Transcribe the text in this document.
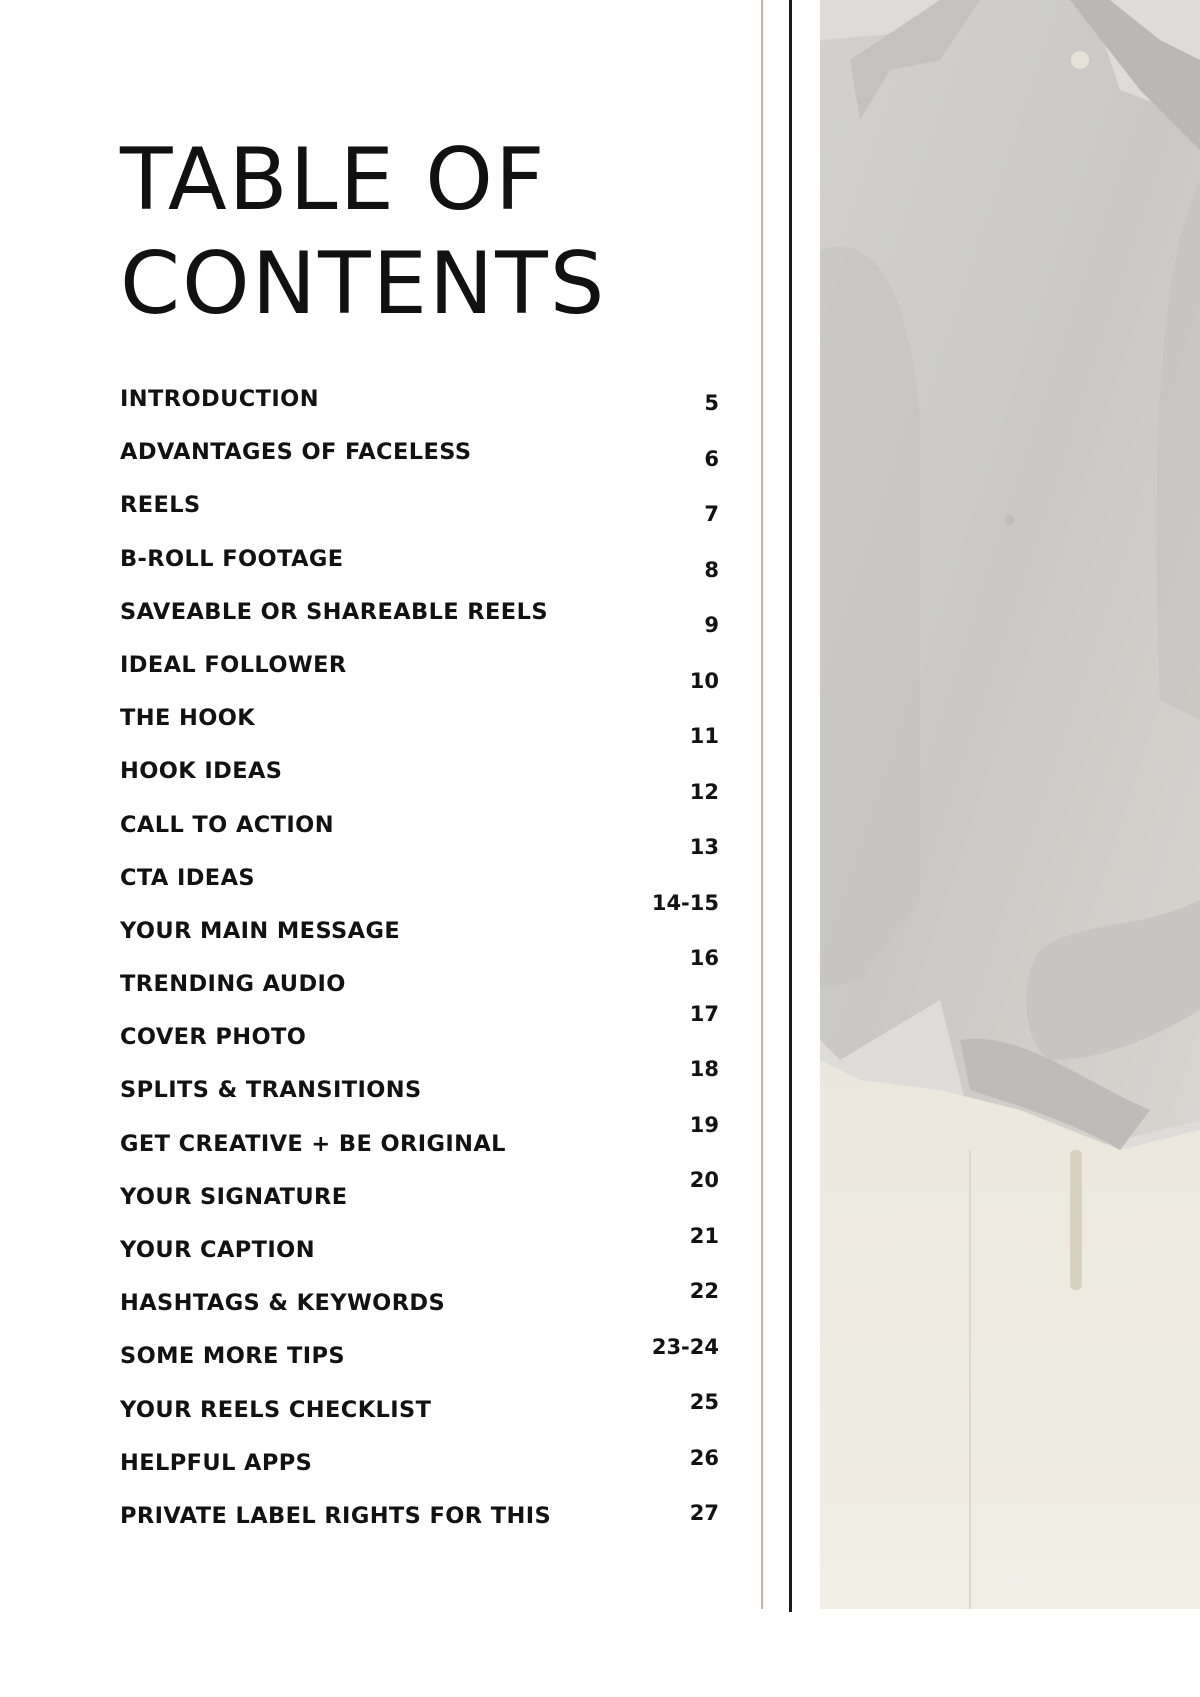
TABLE OF
CONTENTS
INTRODUCTION
ADVANTAGES OF FACELESS
REELS
B-ROLL FOOTAGE
SAVEABLE OR SHAREABLE REELS
IDEAL FOLLOWER
THE HOOK
HOOK IDEAS
CALL TO ACTION
CTA IDEAS
YOUR MAIN MESSAGE
TRENDING AUDIO
COVER PHOTO
SPLITS & TRANSITIONS
GET CREATIVE + BE ORIGINAL
YOUR SIGNATURE
YOUR CAPTION
HASHTAGS & KEYWORDS
SOME MORE TIPS
YOUR REELS CHECKLIST
HELPFUL APPS
PRIVATE LABEL RIGHTS FOR THIS
5
6
7
8
9
10
11
12
13
14-15
16
17
18
19
20
21
22
23-24
25
26
27
